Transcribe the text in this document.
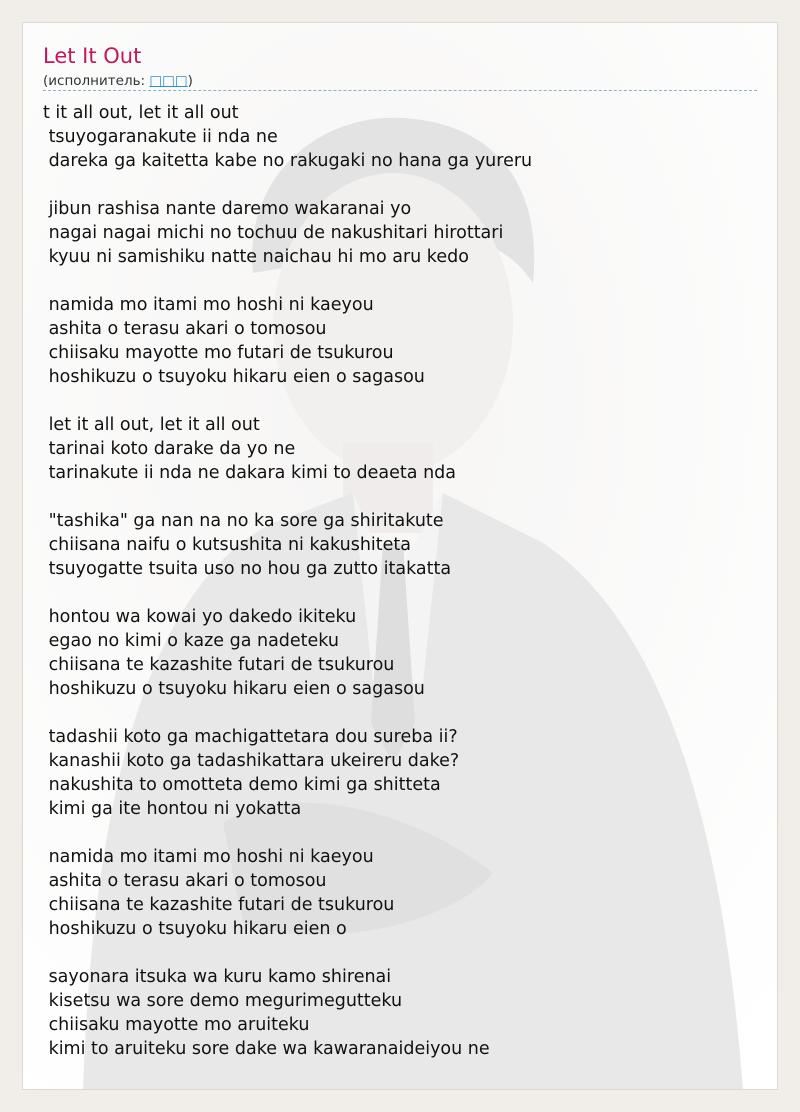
Let It Out
(исполнитель: □□□)
t it all out, let it all out
tsuyogaranakute ii nda ne
dareka ga kaitetta kabe no rakugaki no hana ga yureru
jibun rashisa nante daremo wakaranai yo
nagai nagai michi no tochuu de nakushitari hirottari
kyuu ni samishiku natte naichau hi mo aru kedo
namida mo itami mo hoshi ni kaeyou
ashita o terasu akari o tomosou
chiisaku mayotte mo futari de tsukurou
hoshikuzu o tsuyoku hikaru eien o sagasou
let it all out, let it all out
tarinai koto darake da yo ne
tarinakute ii nda ne dakara kimi to deaeta nda
"tashika" ga nan na no ka sore ga shiritakute
chiisana naifu o kutsushita ni kakushiteta
tsuyogatte tsuita uso no hou ga zutto itakatta
hontou wa kowai yo dakedo ikiteku
egao no kimi o kaze ga nadeteku
chiisana te kazashite futari de tsukurou
hoshikuzu o tsuyoku hikaru eien o sagasou
tadashii koto ga machigattetara dou sureba ii?
kanashii koto ga tadashikattara ukeireru dake?
nakushita to omotteta demo kimi ga shitteta
kimi ga ite hontou ni yokatta
namida mo itami mo hoshi ni kaeyou
ashita o terasu akari o tomosou
chiisana te kazashite futari de tsukurou
hoshikuzu o tsuyoku hikaru eien o
sayonara itsuka wa kuru kamo shirenai
kisetsu wa sore demo megurimegutteku
chiisaku mayotte mo aruiteku
kimi to aruiteku sore dake wa kawaranaideiyou ne
